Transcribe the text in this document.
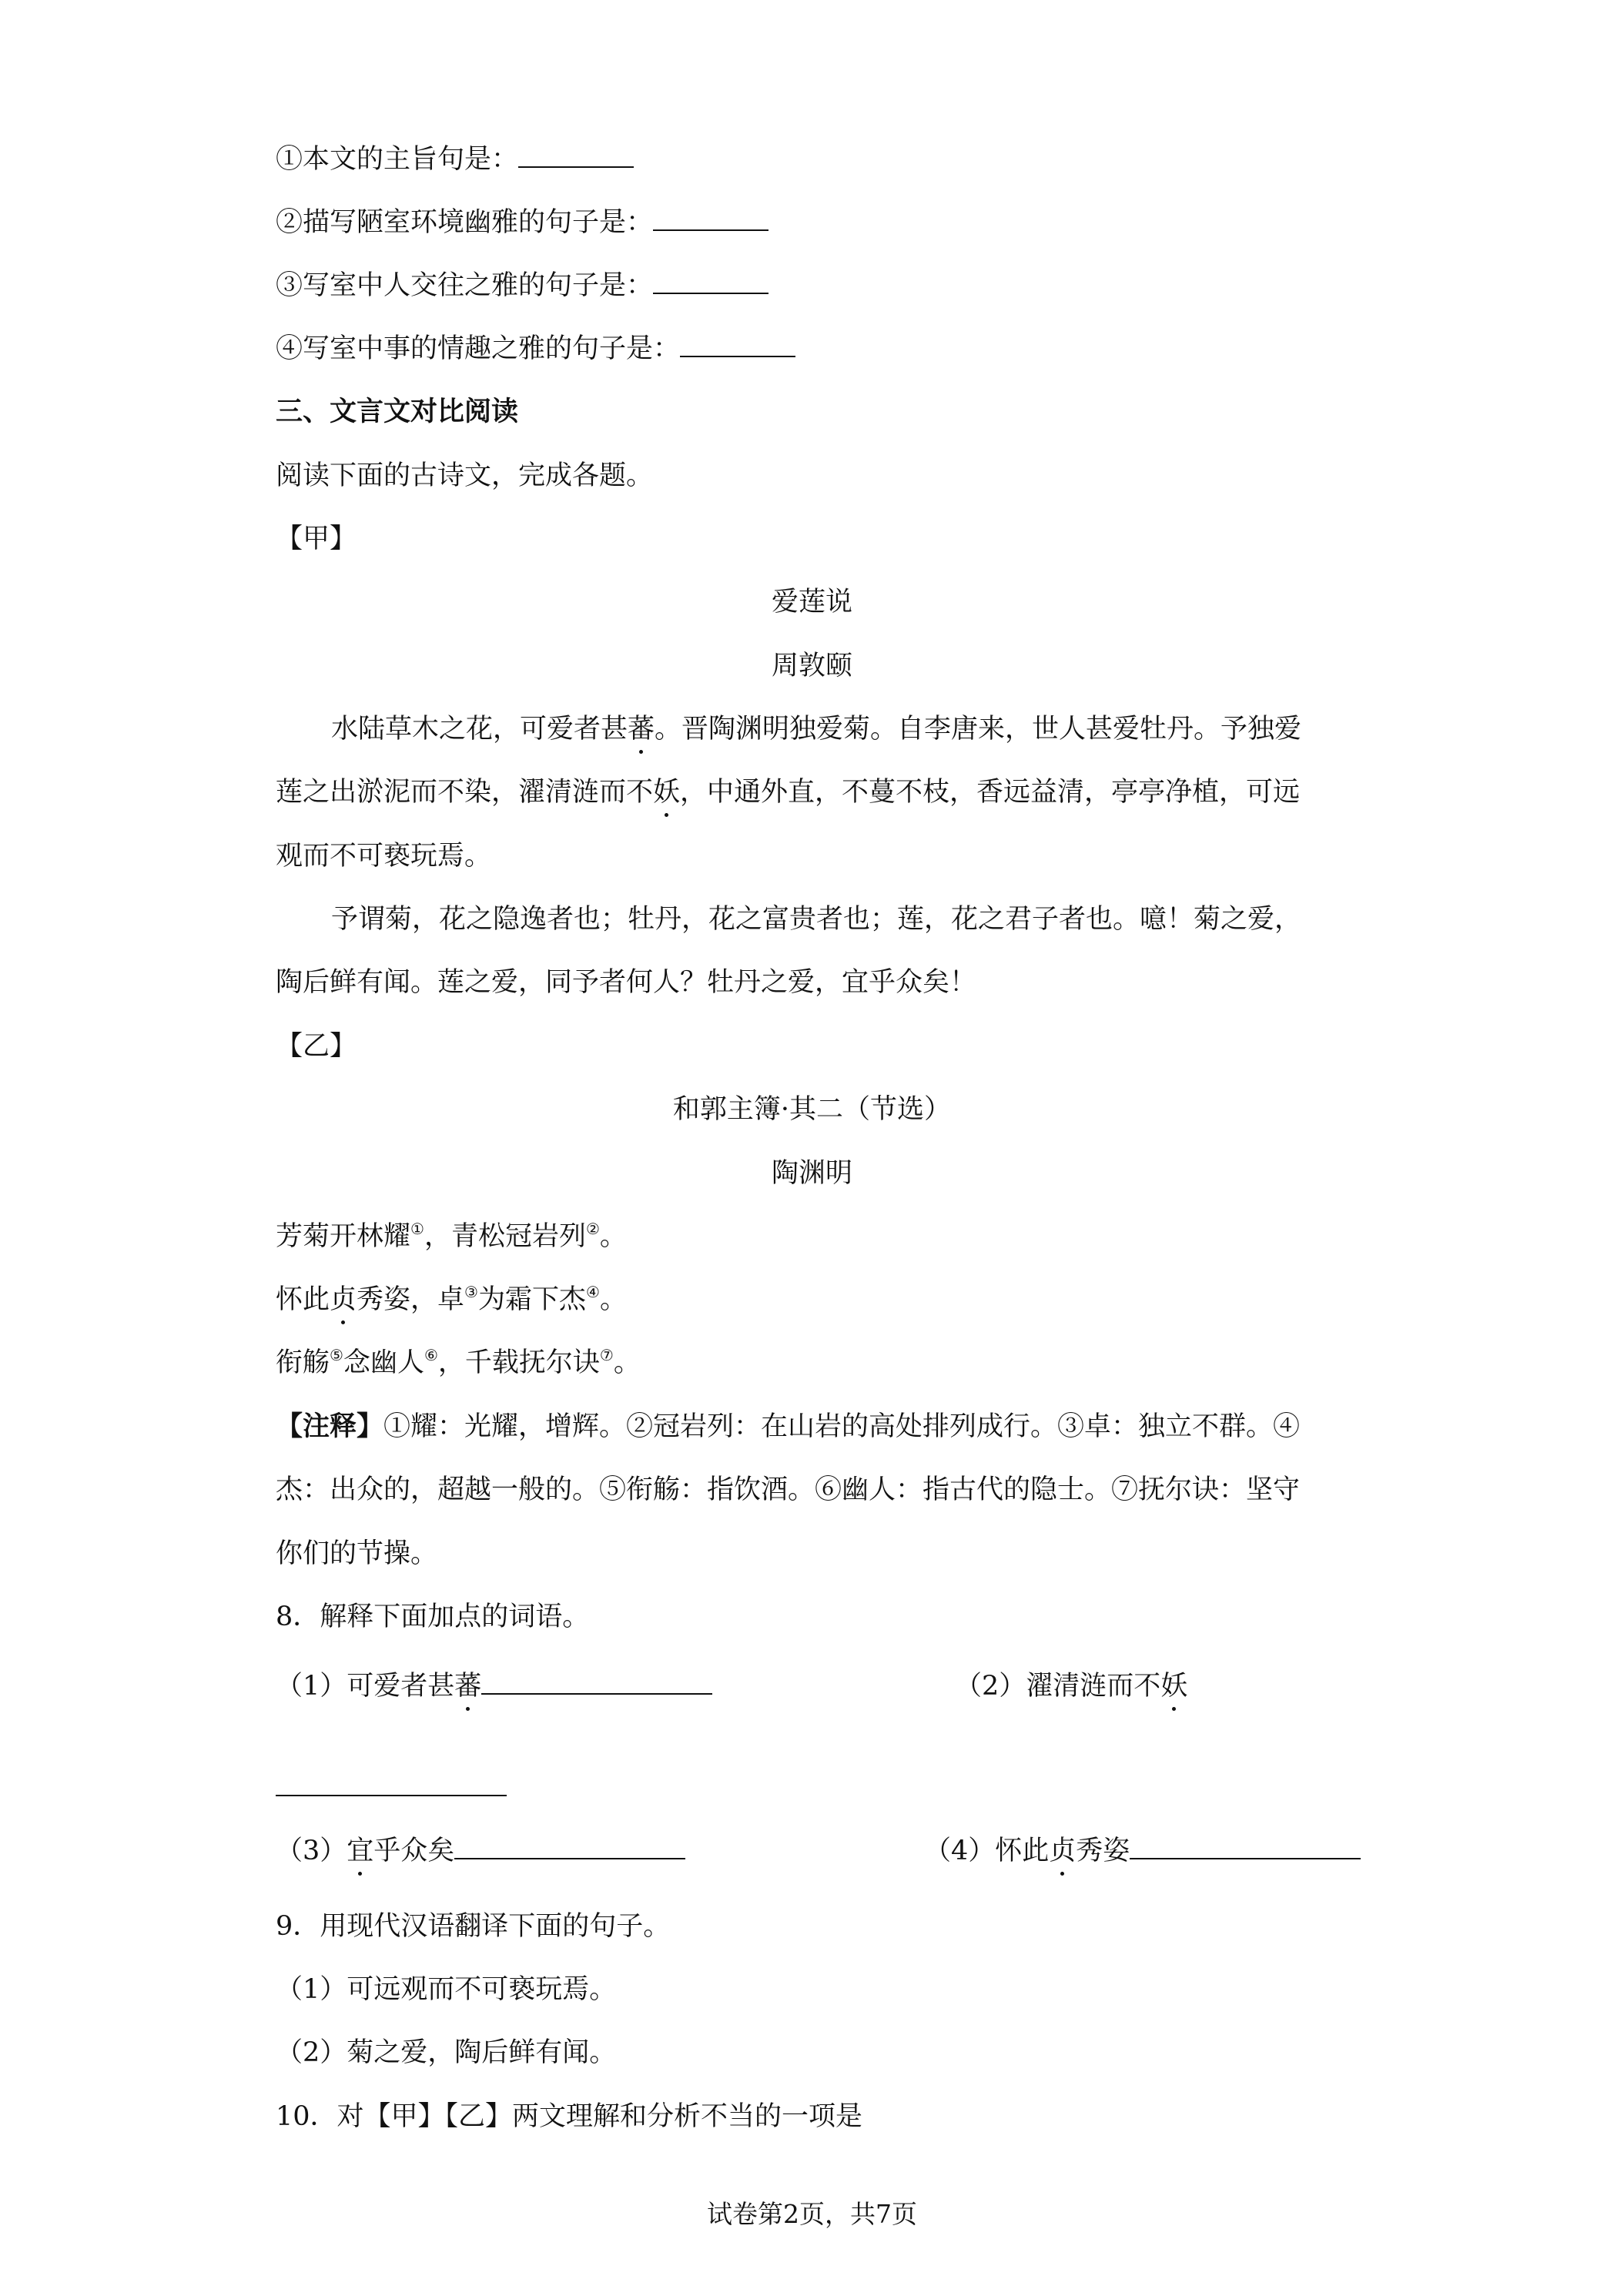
①本文的主旨句是：
②描写陋室环境幽雅的句子是：
③写室中人交往之雅的句子是：
④写室中事的情趣之雅的句子是：
三、文言文对比阅读
阅读下面的古诗文，完成各题。
【甲】
爱莲说
周敦颐
水陆草木之花，可爱者甚蕃。晋陶渊明独爱菊。自李唐来，世人甚爱牡丹。予独爱
莲之出淤泥而不染，濯清涟而不妖，中通外直，不蔓不枝，香远益清，亭亭净植，可远
观而不可亵玩焉。
予谓菊，花之隐逸者也；牡丹，花之富贵者也；莲，花之君子者也。噫！菊之爱，
陶后鲜有闻。莲之爱，同予者何人？牡丹之爱，宜乎众矣！
【乙】
和郭主簿·其二（节选）
陶渊明
芳菊开林耀①，青松冠岩列②。
怀此贞秀姿，卓③为霜下杰④。
衔觞⑤念幽人⑥，千载抚尔诀⑦。
【注释】①耀：光耀，增辉。②冠岩列：在山岩的高处排列成行。③卓：独立不群。④
杰：出众的，超越一般的。⑤衔觞：指饮酒。⑥幽人：指古代的隐士。⑦抚尔诀：坚守
你们的节操。
8．解释下面加点的词语。
（1）可爱者甚蕃	（2）濯清涟而不妖
（3）宜乎众矣	（4）怀此贞秀姿
9．用现代汉语翻译下面的句子。
（1）可远观而不可亵玩焉。
（2）菊之爱，陶后鲜有闻。
10．对【甲】【乙】两文理解和分析不当的一项是
试卷第2页，共7页
